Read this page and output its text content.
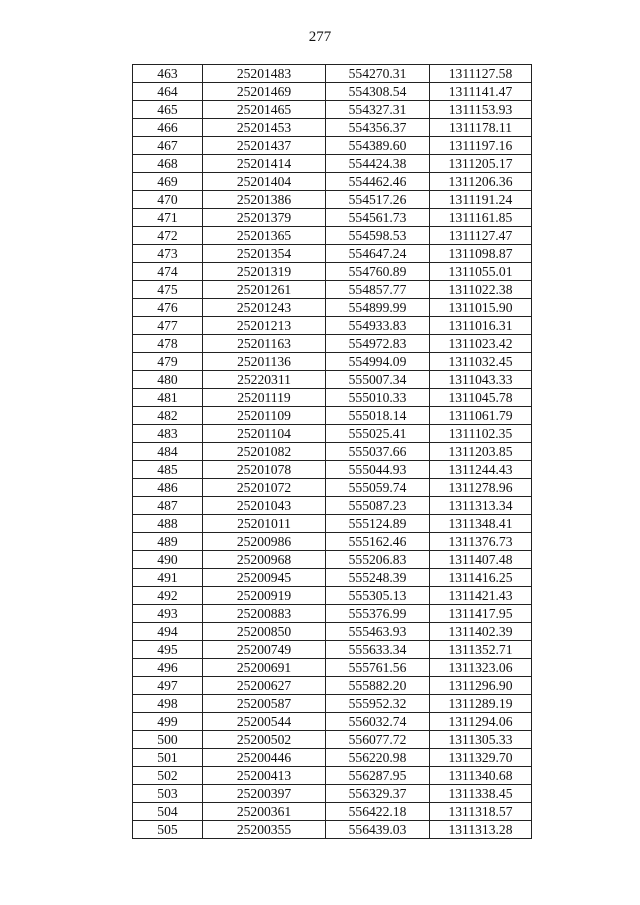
277
463	25201483	554270.31	1311127.58
464	25201469	554308.54	1311141.47
465	25201465	554327.31	1311153.93
466	25201453	554356.37	1311178.11
467	25201437	554389.60	1311197.16
468	25201414	554424.38	1311205.17
469	25201404	554462.46	1311206.36
470	25201386	554517.26	1311191.24
471	25201379	554561.73	1311161.85
472	25201365	554598.53	1311127.47
473	25201354	554647.24	1311098.87
474	25201319	554760.89	1311055.01
475	25201261	554857.77	1311022.38
476	25201243	554899.99	1311015.90
477	25201213	554933.83	1311016.31
478	25201163	554972.83	1311023.42
479	25201136	554994.09	1311032.45
480	25220311	555007.34	1311043.33
481	25201119	555010.33	1311045.78
482	25201109	555018.14	1311061.79
483	25201104	555025.41	1311102.35
484	25201082	555037.66	1311203.85
485	25201078	555044.93	1311244.43
486	25201072	555059.74	1311278.96
487	25201043	555087.23	1311313.34
488	25201011	555124.89	1311348.41
489	25200986	555162.46	1311376.73
490	25200968	555206.83	1311407.48
491	25200945	555248.39	1311416.25
492	25200919	555305.13	1311421.43
493	25200883	555376.99	1311417.95
494	25200850	555463.93	1311402.39
495	25200749	555633.34	1311352.71
496	25200691	555761.56	1311323.06
497	25200627	555882.20	1311296.90
498	25200587	555952.32	1311289.19
499	25200544	556032.74	1311294.06
500	25200502	556077.72	1311305.33
501	25200446	556220.98	1311329.70
502	25200413	556287.95	1311340.68
503	25200397	556329.37	1311338.45
504	25200361	556422.18	1311318.57
505	25200355	556439.03	1311313.28
